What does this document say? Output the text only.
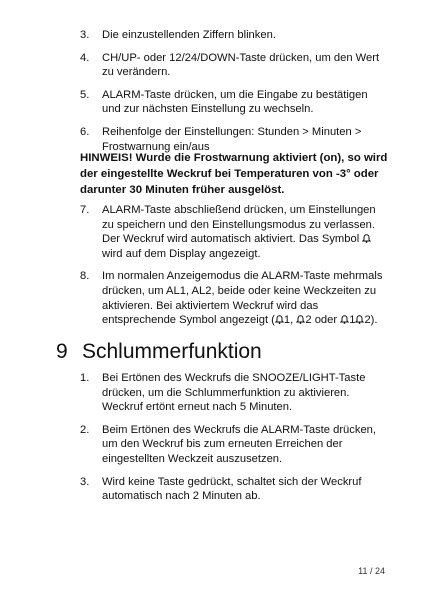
3. Die einzustellenden Ziffern blinken.
4. CH/UP- oder 12/24/DOWN-Taste drücken, um den Wert zu verändern.
5. ALARM-Taste drücken, um die Eingabe zu bestätigen und zur nächsten Einstellung zu wechseln.
6. Reihenfolge der Einstellungen: Stunden > Minuten > Frostwarnung ein/aus

HINWEIS! Wurde die Frostwarnung aktiviert (on), so wird der eingestellte Weckruf bei Temperaturen von -3° oder darunter 30 Minuten früher ausgelöst.

7. ALARM-Taste abschließend drücken, um Einstellungen zu speichern und den Einstellungsmodus zu verlassen. Der Weckruf wird automatisch aktiviert. Das Symbol
wird auf dem Display angezeigt.
8. Im normalen Anzeigemodus die ALARM-Taste mehrmals drücken, um AL1, AL2, beide oder keine Weckzeiten zu aktivieren. Bei aktiviertem Weckruf wird das entsprechende Symbol angezeigt ( 1,
2 oder
1 2).
9 Schlummerfunktion
1. Bei Ertönen des Weckrufs die SNOOZE/LIGHT-Taste drücken, um die Schlummerfunktion zu aktivieren. Weckruf ertönt erneut nach 5 Minuten.
2. Beim Ertönen des Weckrufs die ALARM-Taste drücken, um den Weckruf bis zum erneuten Erreichen der eingestellten Weckzeit auszusetzen.
3. Wird keine Taste gedrückt, schaltet sich der Weckruf automatisch nach 2 Minuten ab.
11 / 24
